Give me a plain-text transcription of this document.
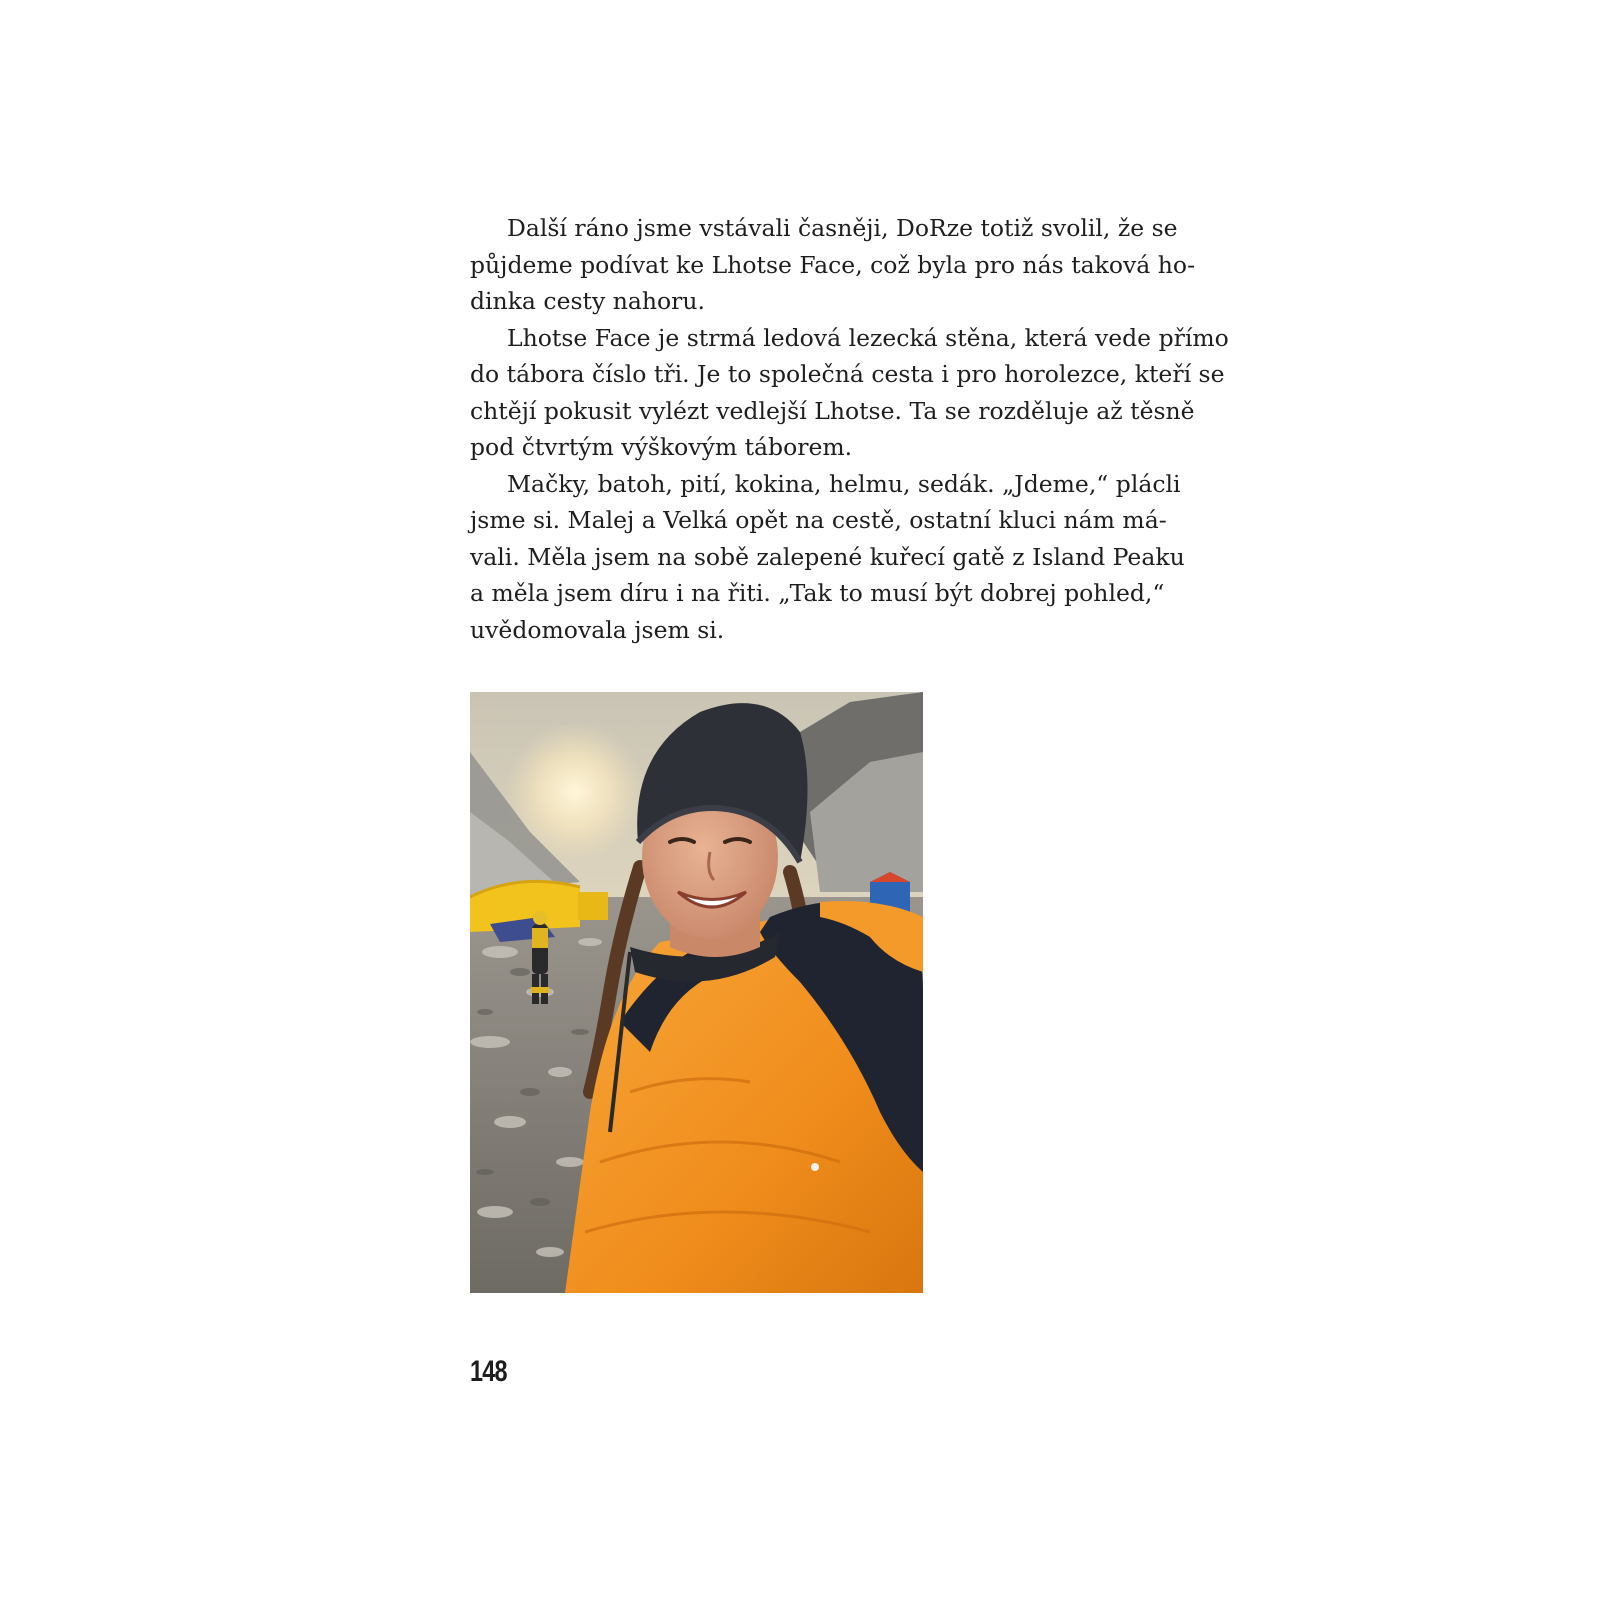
Další ráno jsme vstávali časněji, DoRze totiž svolil, že se
půjdeme podívat ke Lhotse Face, což byla pro nás taková ho-
dinka cesty nahoru.
Lhotse Face je strmá ledová lezecká stěna, která vede přímo
do tábora číslo tři. Je to společná cesta i pro horolezce, kteří se
chtějí pokusit vylézt vedlejší Lhotse. Ta se rozděluje až těsně
pod čtvrtým výškovým táborem.
Mačky, batoh, pití, kokina, helmu, sedák. „Jdeme,“ plácli
jsme si. Malej a Velká opět na cestě, ostatní kluci nám má-
vali. Měla jsem na sobě zalepené kuřecí gatě z Island Peaku
a měla jsem díru i na řiti. „Tak to musí být dobrej pohled,“
uvědomovala jsem si.
148
